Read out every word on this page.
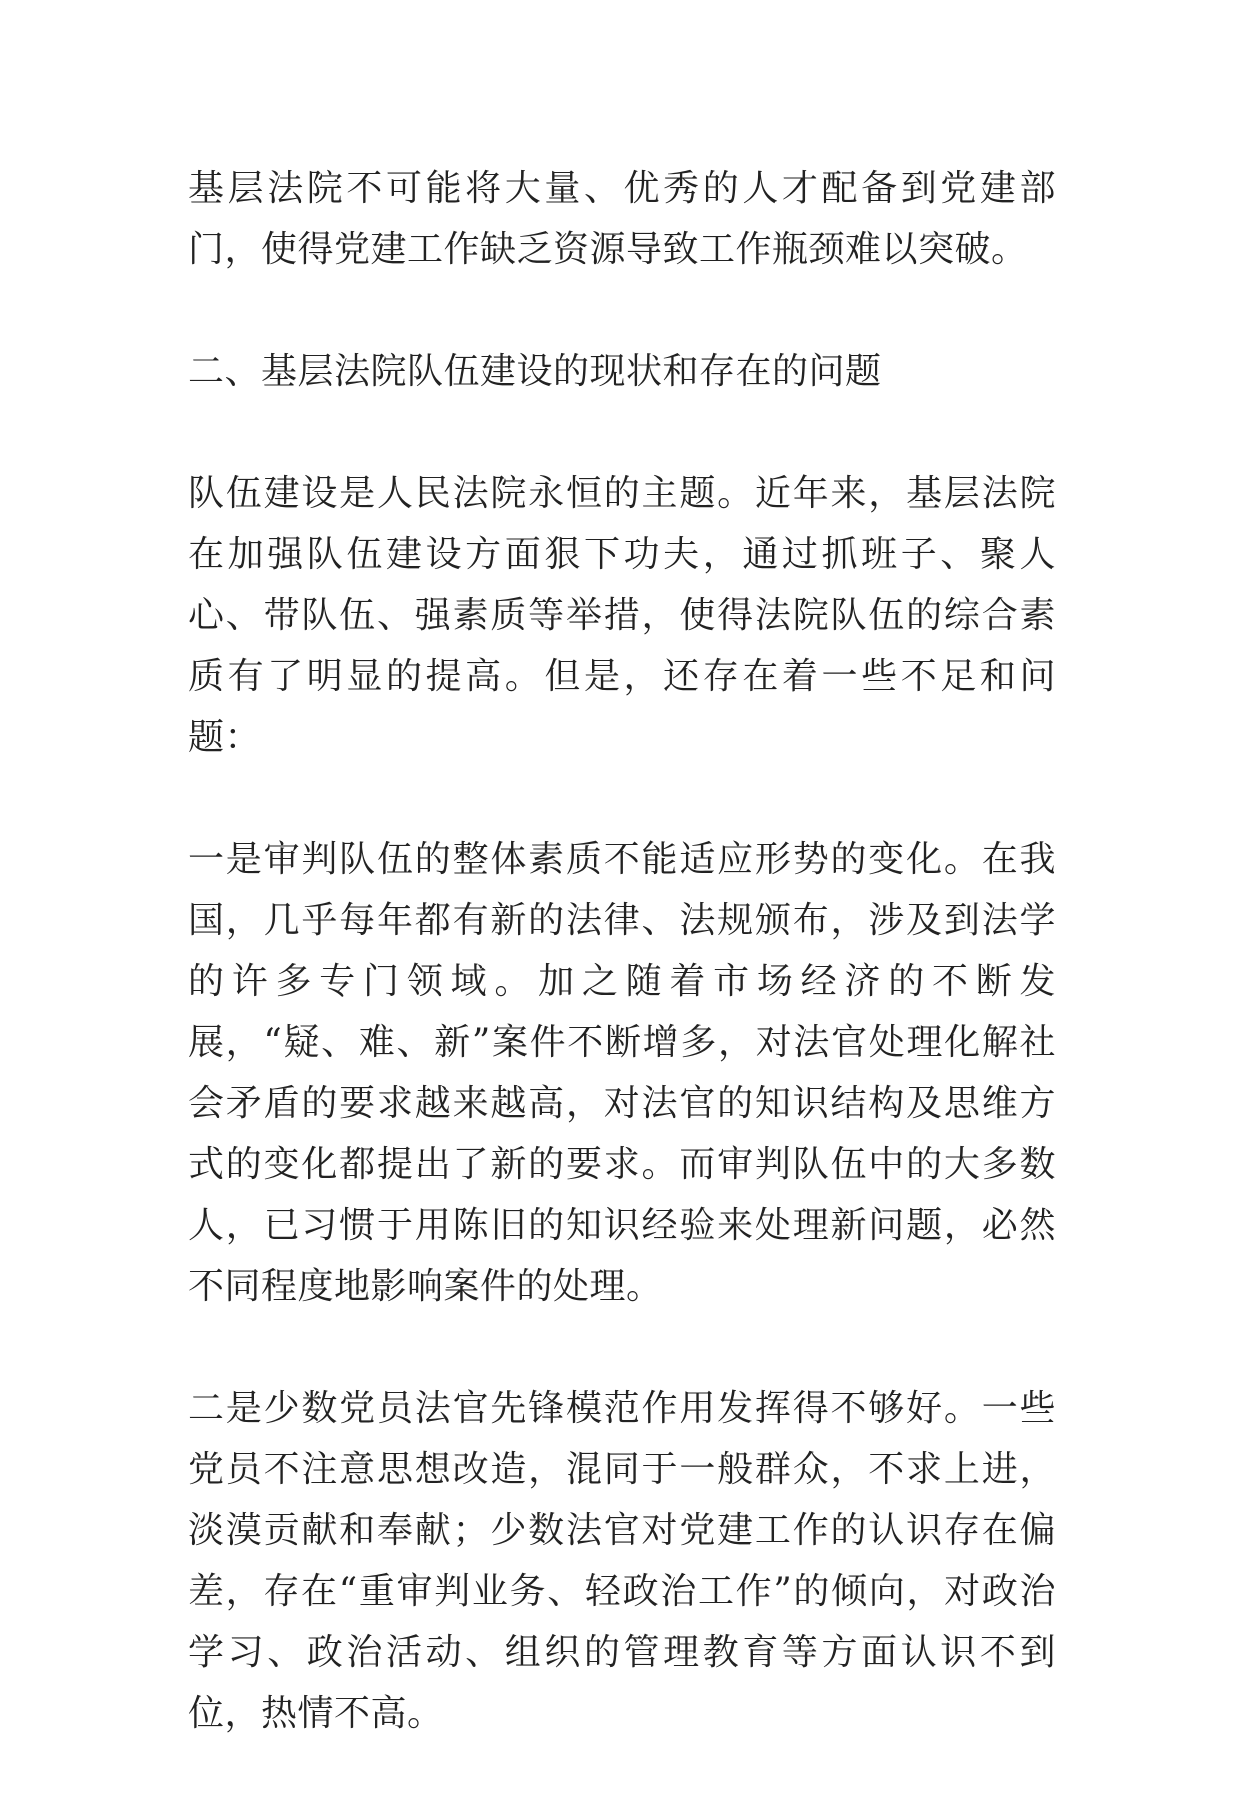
基层法院不可能将大量、优秀的人才配备到党建部门，使得党建工作缺乏资源导致工作瓶颈难以突破。

二、基层法院队伍建设的现状和存在的问题

队伍建设是人民法院永恒的主题。近年来，基层法院在加强队伍建设方面狠下功夫，通过抓班子、聚人心、带队伍、强素质等举措，使得法院队伍的综合素质有了明显的提高。但是，还存在着一些不足和问题：

一是审判队伍的整体素质不能适应形势的变化。在我国，几乎每年都有新的法律、法规颁布，涉及到法学的许多专门领域。加之随着市场经济的不断发展，“疑、难、新”案件不断增多，对法官处理化解社会矛盾的要求越来越高，对法官的知识结构及思维方式的变化都提出了新的要求。而审判队伍中的大多数人，已习惯于用陈旧的知识经验来处理新问题，必然不同程度地影响案件的处理。

二是少数党员法官先锋模范作用发挥得不够好。一些党员不注意思想改造，混同于一般群众，不求上进，淡漠贡献和奉献；少数法官对党建工作的认识存在偏差，存在“重审判业务、轻政治工作”的倾向，对政治学习、政治活动、组织的管理教育等方面认识不到位，热情不高。
